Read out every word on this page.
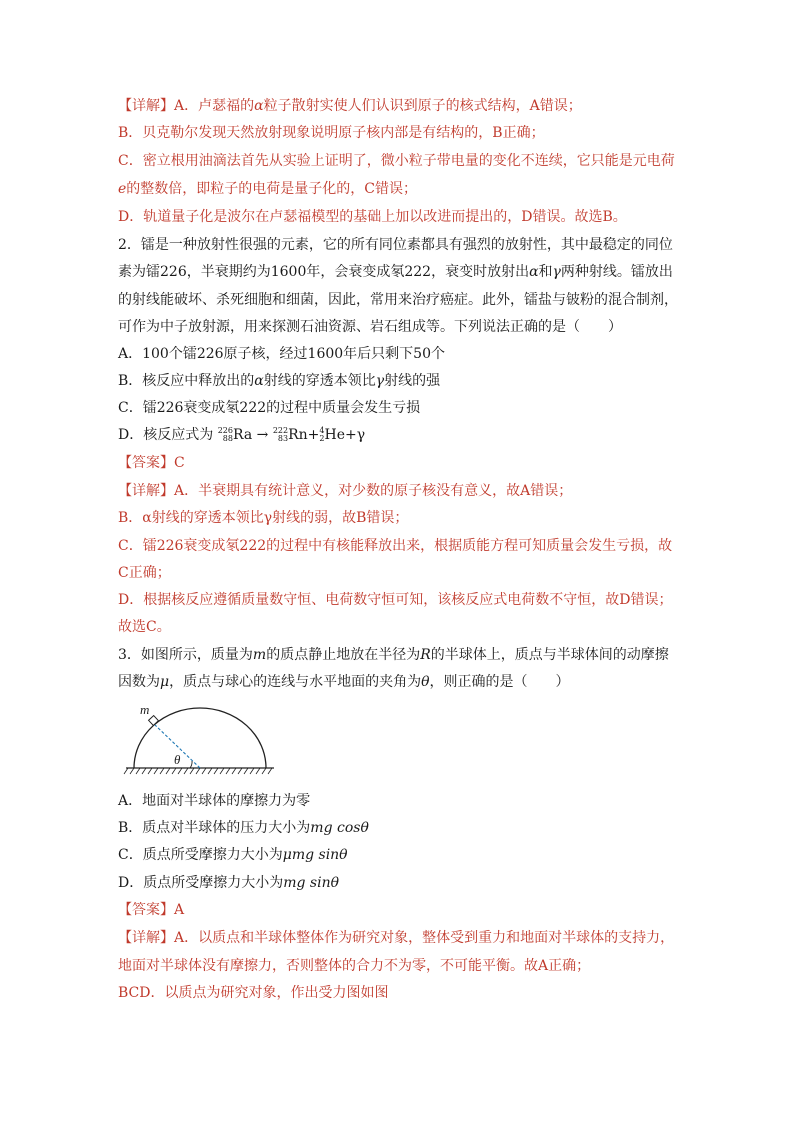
【详解】A．卢瑟福的α粒子散射实使人们认识到原子的核式结构，A错误；
B．贝克勒尔发现天然放射现象说明原子核内部是有结构的，B正确；
C．密立根用油滴法首先从实验上证明了，微小粒子带电量的变化不连续，它只能是元电荷
e的整数倍，即粒子的电荷是量子化的，C错误；
D．轨道量子化是波尔在卢瑟福模型的基础上加以改进而提出的，D错误。故选B。
2．镭是一种放射性很强的元素，它的所有同位素都具有强烈的放射性，其中最稳定的同位
素为镭226，半衰期约为1600年，会衰变成氡222，衰变时放射出α和γ两种射线。镭放出
的射线能破坏、杀死细胞和细菌，因此，常用来治疗癌症。此外，镭盐与铍粉的混合制剂，
可作为中子放射源，用来探测石油资源、岩石组成等。下列说法正确的是（　　）
A．100个镭226原子核，经过1600年后只剩下50个
B．核反应中释放出的α射线的穿透本领比γ射线的强
C．镭226衰变成氡222的过程中质量会发生亏损
D．核反应式为 226
88Ra → 222
83Rn+4
2He+γ
【答案】C
【详解】A．半衰期具有统计意义，对少数的原子核没有意义，故A错误；
B．α射线的穿透本领比γ射线的弱，故B错误；
C．镭226衰变成氡222的过程中有核能释放出来，根据质能方程可知质量会发生亏损，故
C正确；
D．根据核反应遵循质量数守恒、电荷数守恒可知，该核反应式电荷数不守恒，故D错误；
故选C。
3．如图所示，质量为m的质点静止地放在半径为R的半球体上，质点与半球体间的动摩擦
因数为μ，质点与球心的连线与水平地面的夹角为θ，则正确的是（　　）
m
θ
A．地面对半球体的摩擦力为零
B．质点对半球体的压力大小为mg cosθ
C．质点所受摩擦力大小为μmg sinθ
D．质点所受摩擦力大小为mg sinθ
【答案】A
【详解】A．以质点和半球体整体作为研究对象，整体受到重力和地面对半球体的支持力，
地面对半球体没有摩擦力，否则整体的合力不为零，不可能平衡。故A正确；
BCD．以质点为研究对象，作出受力图如图
